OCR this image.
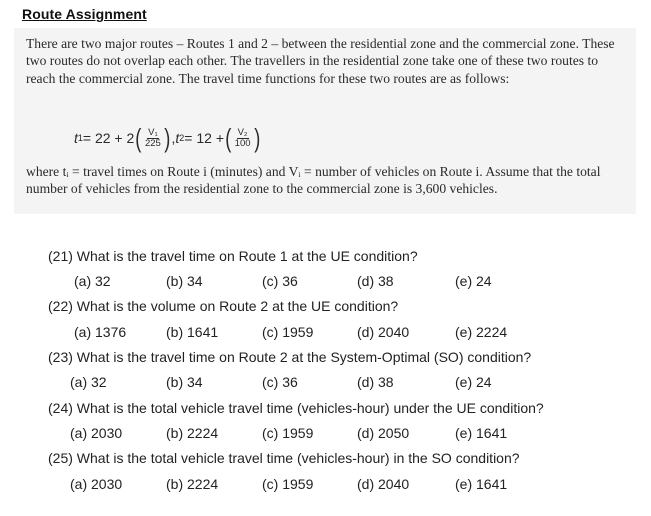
Route Assignment
There are two major routes – Routes 1 and 2 – between the residential zone and the commercial zone. These two routes do not overlap each other. The travellers in the residential zone take one of these two routes to reach the commercial zone. The travel time functions for these two routes are as follows:
t 1 = 22 + 2 ( $\frac{\text{V₁}}{225}$ ) , t 2 = 12 + ( $\frac{\text{V₂}}{100}$ )
where tᵢ = travel times on Route i (minutes) and Vᵢ = number of vehicles on Route i. Assume that the total number of vehicles from the residential zone to the commercial zone is 3,600 vehicles.
(21) What is the travel time on Route 1 at the UE condition?
(a) 32	(b) 34	(c) 36	(d) 38	(e) 24
(22) What is the volume on Route 2 at the UE condition?
(a) 1376	(b) 1641	(c) 1959	(d) 2040	(e) 2224
(23) What is the travel time on Route 2 at the System-Optimal (SO) condition?
(a) 32	(b) 34	(c) 36	(d) 38	(e) 24
(24) What is the total vehicle travel time (vehicles-hour) under the UE condition?
(a) 2030	(b) 2224	(c) 1959	(d) 2050	(e) 1641
(25) What is the total vehicle travel time (vehicles-hour) in the SO condition?
(a) 2030	(b) 2224	(c) 1959	(d) 2040	(e) 1641
